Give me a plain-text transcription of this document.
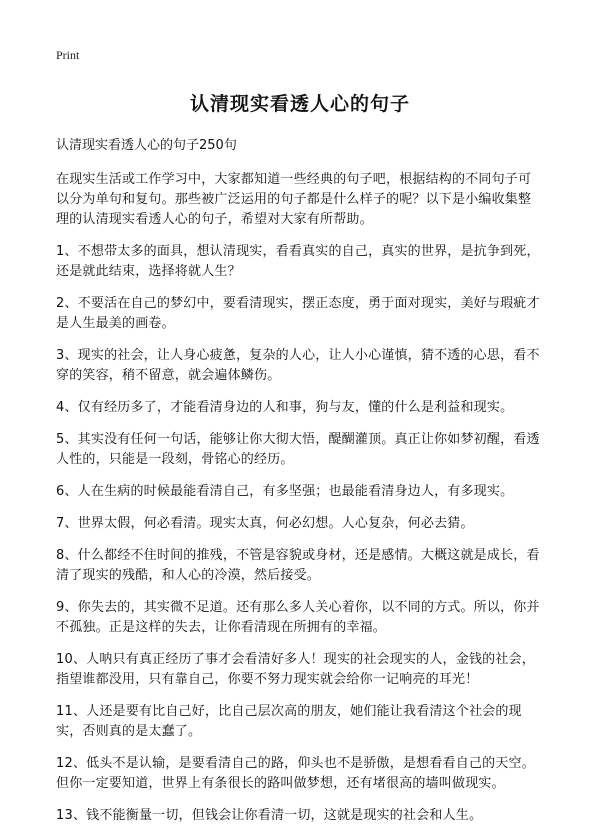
Print
认清现实看透人心的句子
认清现实看透人心的句子250句

在现实生活或工作学习中，大家都知道一些经典的句子吧，根据结构的不同句子可以分为单句和复句。那些被广泛运用的句子都是什么样子的呢？以下是小编收集整理的认清现实看透人心的句子，希望对大家有所帮助。

1、不想带太多的面具，想认清现实，看看真实的自己，真实的世界，是抗争到死，还是就此结束，选择将就人生？

2、不要活在自己的梦幻中，要看清现实，摆正态度，勇于面对现实，美好与瑕疵才是人生最美的画卷。

3、现实的社会，让人身心疲惫，复杂的人心，让人小心谨慎，猜不透的心思，看不穿的笑容，稍不留意，就会遍体鳞伤。

4、仅有经历多了，才能看清身边的人和事，狗与友，懂的什么是利益和现实。

5、其实没有任何一句话，能够让你大彻大悟，醍醐灌顶。真正让你如梦初醒，看透人性的，只能是一段刻，骨铭心的经历。

6、人在生病的时候最能看清自己，有多坚强；也最能看清身边人，有多现实。

7、世界太假，何必看清。现实太真，何必幻想。人心复杂，何必去猜。

8、什么都经不住时间的推残，不管是容貌或身材，还是感情。大概这就是成长，看清了现实的残酷，和人心的冷漠，然后接受。

9、你失去的，其实微不足道。还有那么多人关心着你，以不同的方式。所以，你并不孤独。正是这样的失去，让你看清现在所拥有的幸福。

10、人呐只有真正经历了事才会看清好多人！现实的社会现实的人，金钱的社会，指望谁都没用，只有靠自己，你要不努力现实就会给你一记响亮的耳光！

11、人还是要有比自己好，比自己层次高的朋友，她们能让我看清这个社会的现实，否则真的是太蠢了。

12、低头不是认输，是要看清自己的路，仰头也不是骄傲，是想看看自己的天空。但你一定要知道，世界上有条很长的路叫做梦想，还有堵很高的墙叫做现实。

13、钱不能衡量一切，但钱会让你看清一切，这就是现实的社会和人生。
